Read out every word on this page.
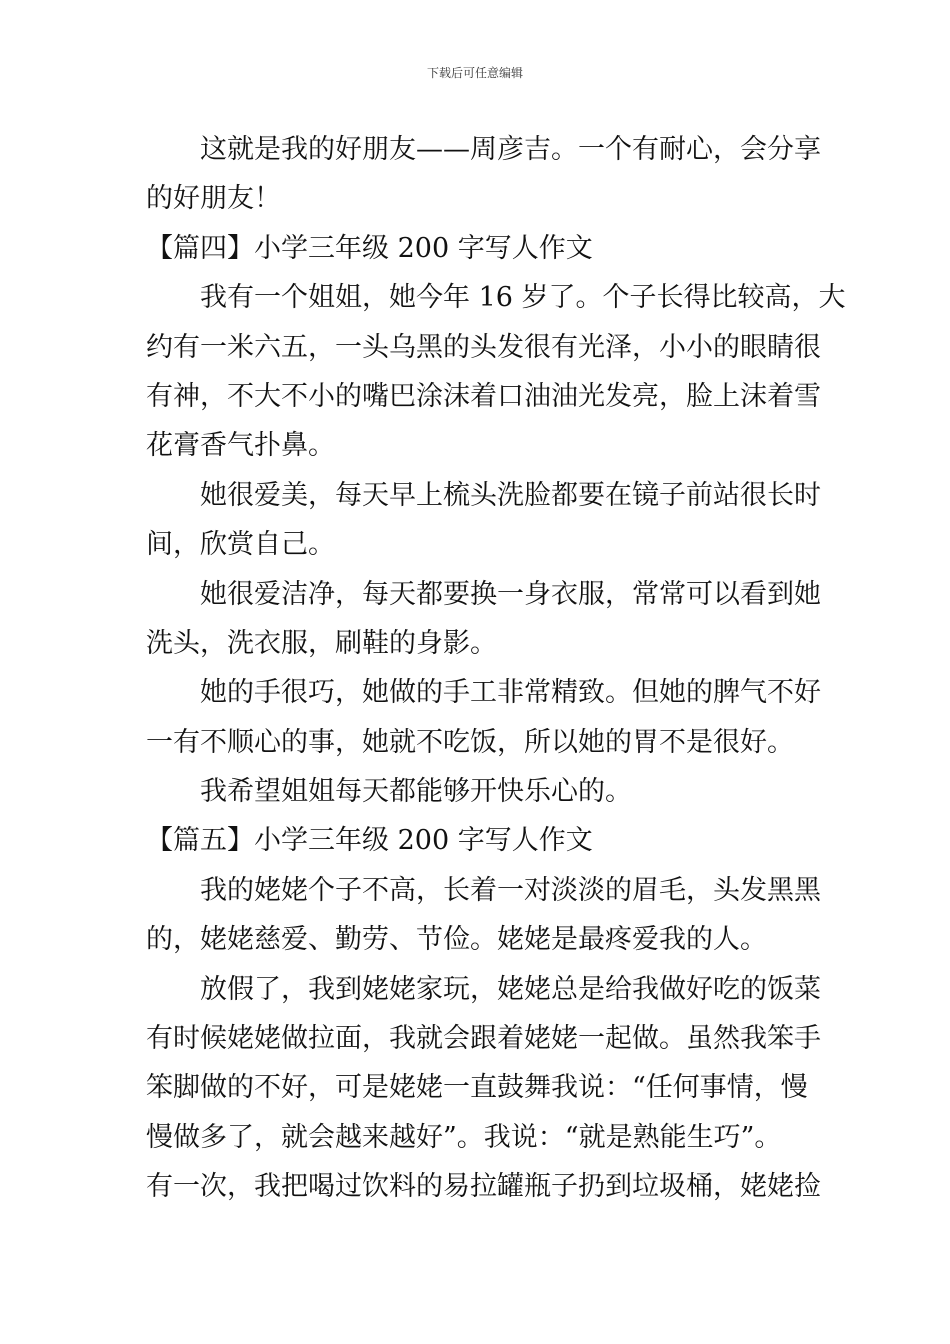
下载后可任意编辑
这就是我的好朋友——周彦吉。一个有耐心，会分享
的好朋友！
【篇四】小学三年级 200 字写人作文
我有一个姐姐，她今年 16 岁了。个子长得比较高，大
约有一米六五，一头乌黑的头发很有光泽，小小的眼睛很
有神，不大不小的嘴巴涂沫着口油油光发亮，脸上沫着雪
花膏香气扑鼻。
她很爱美，每天早上梳头洗脸都要在镜子前站很长时
间，欣赏自己。
她很爱洁净，每天都要换一身衣服，常常可以看到她
洗头，洗衣服，刷鞋的身影。
她的手很巧，她做的手工非常精致。但她的脾气不好
一有不顺心的事，她就不吃饭，所以她的胃不是很好。
我希望姐姐每天都能够开快乐心的。
【篇五】小学三年级 200 字写人作文
我的姥姥个子不高，长着一对淡淡的眉毛，头发黑黑
的，姥姥慈爱、勤劳、节俭。姥姥是最疼爱我的人。
放假了，我到姥姥家玩，姥姥总是给我做好吃的饭菜
有时候姥姥做拉面，我就会跟着姥姥一起做。虽然我笨手
笨脚做的不好，可是姥姥一直鼓舞我说：“任何事情，慢
慢做多了，就会越来越好”。我说：“就是熟能生巧”。
有一次，我把喝过饮料的易拉罐瓶子扔到垃圾桶，姥姥捡
